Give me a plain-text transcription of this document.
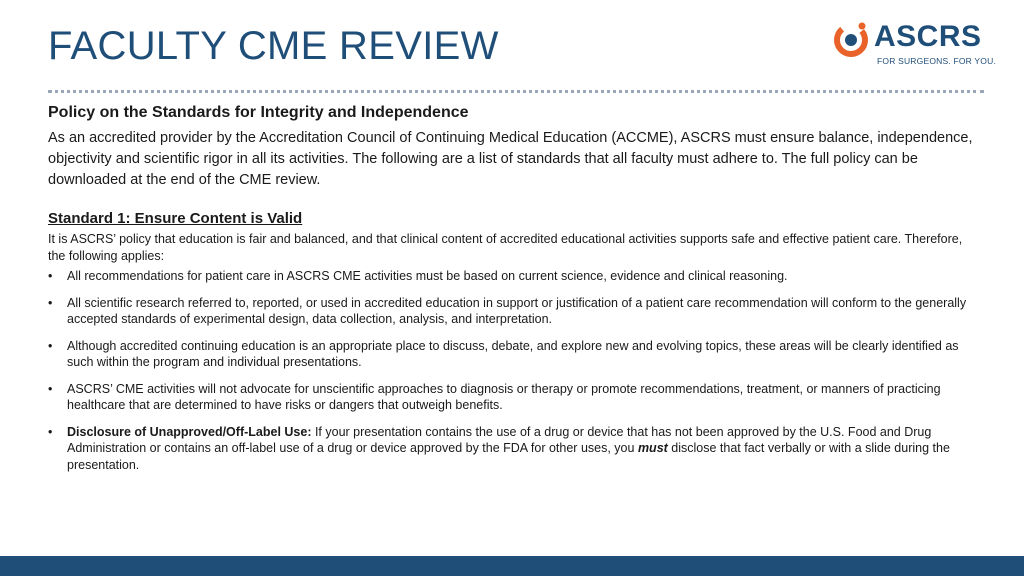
FACULTY CME REVIEW	ASCRS
FOR SURGEONS. FOR YOU.
Policy on the Standards for Integrity and Independence

As an accredited provider by the Accreditation Council of Continuing Medical Education (ACCME), ASCRS must ensure balance, independence, objectivity and scientific rigor in all its activities. The following are a list of standards that all faculty must adhere to. The full policy can be downloaded at the end of the CME review.

Standard 1: Ensure Content is Valid

It is ASCRS’ policy that education is fair and balanced, and that clinical content of accredited educational activities supports safe and effective patient care. Therefore, the following applies:

• All recommendations for patient care in ASCRS CME activities must be based on current science, evidence and clinical reasoning.
• All scientific research referred to, reported, or used in accredited education in support or justification of a patient care recommendation will conform to the generally accepted standards of experimental design, data collection, analysis, and interpretation.
• Although accredited continuing education is an appropriate place to discuss, debate, and explore new and evolving topics, these areas will be clearly identified as such within the program and individual presentations.
• ASCRS’ CME activities will not advocate for unscientific approaches to diagnosis or therapy or promote recommendations, treatment, or manners of practicing healthcare that are determined to have risks or dangers that outweigh benefits.
• Disclosure of Unapproved/Off-Label Use: If your presentation contains the use of a drug or device that has not been approved by the U.S. Food and Drug Administration or contains an off-label use of a drug or device approved by the FDA for other uses, you must disclose that fact verbally or with a slide during the presentation.
